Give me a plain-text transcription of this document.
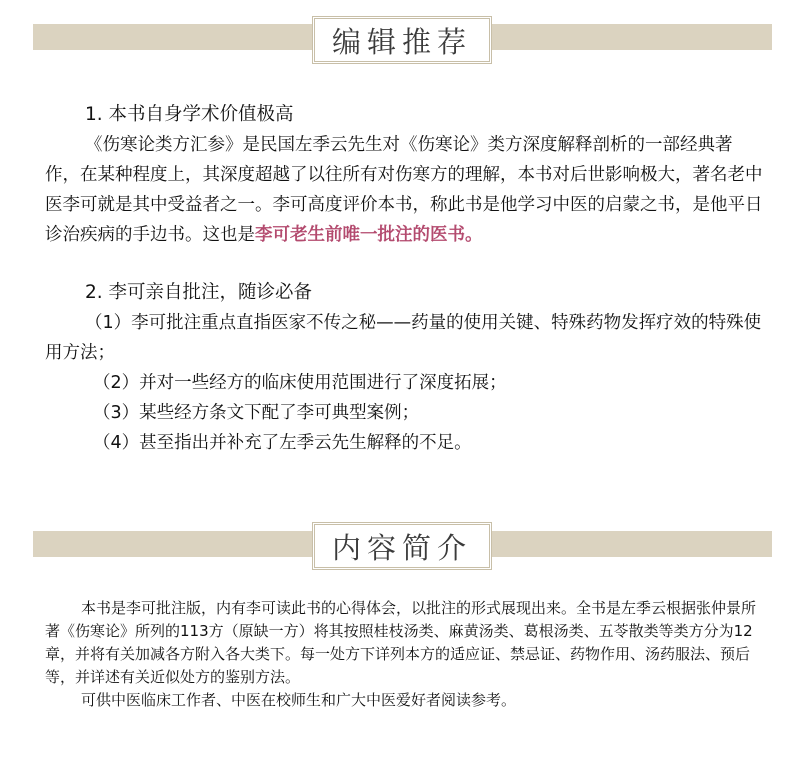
编辑推荐
1. 本书自身学术价值极高
《伤寒论类方汇参》是民国左季云先生对《伤寒论》类方深度解释剖析的一部经典著作，在某种程度上，其深度超越了以往所有对伤寒方的理解，本书对后世影响极大，著名老中医李可就是其中受益者之一。李可高度评价本书，称此书是他学习中医的启蒙之书，是他平日诊治疾病的手边书。这也是李可老生前唯一批注的医书。
2. 李可亲自批注，随诊必备
（1）李可批注重点直指医家不传之秘——药量的使用关键、特殊药物发挥疗效的特殊使用方法；
（2）并对一些经方的临床使用范围进行了深度拓展；
（3）某些经方条文下配了李可典型案例；
（4）甚至指出并补充了左季云先生解释的不足。
内容简介
本书是李可批注版，内有李可读此书的心得体会，以批注的形式展现出来。全书是左季云根据张仲景所著《伤寒论》所列的113方（原缺一方）将其按照桂枝汤类、麻黄汤类、葛根汤类、五苓散类等类方分为12章，并将有关加减各方附入各大类下。每一处方下详列本方的适应证、禁忌证、药物作用、汤药服法、预后等，并详述有关近似处方的鉴别方法。
可供中医临床工作者、中医在校师生和广大中医爱好者阅读参考。
